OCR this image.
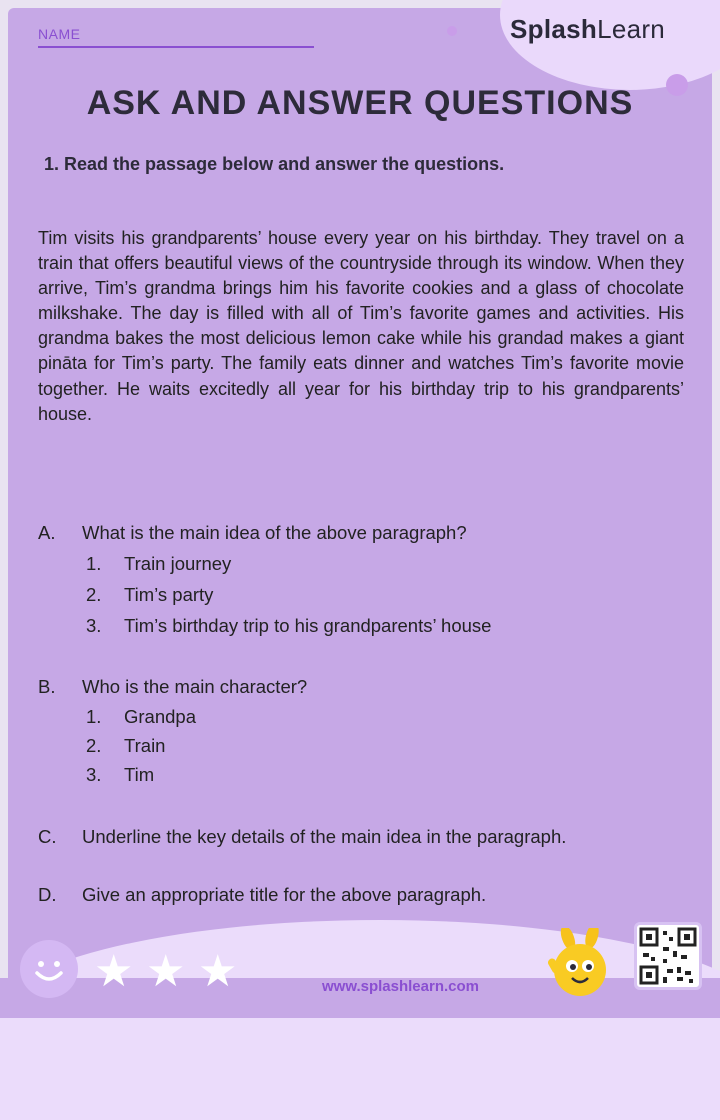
NAME	SplashLearn
ASK AND ANSWER QUESTIONS
1. Read the passage below and answer the questions.
Tim visits his grandparents’ house every year on his birthday. They travel on a train that offers beautiful views of the countryside through its window. When they arrive, Tim’s grandma brings him his favorite cookies and a glass of chocolate milkshake. The day is filled with all of Tim’s favorite games and activities. His grandma bakes the most delicious lemon cake while his grandad makes a giant pināta for Tim’s party. The family eats dinner and watches Tim’s favorite movie together. He waits excitedly all year for his birthday trip to his grandparents’ house.
A. What is the main idea of the above paragraph?
1. Train journey
2. Tim’s party
3. Tim’s birthday trip to his grandparents’ house
B. Who is the main character?
1. Grandpa
2. Train
3. Tim
C. Underline the key details of the main idea in the paragraph.
D. Give an appropriate title for the above paragraph.
★ ★ ★	www.splashlearn.com
